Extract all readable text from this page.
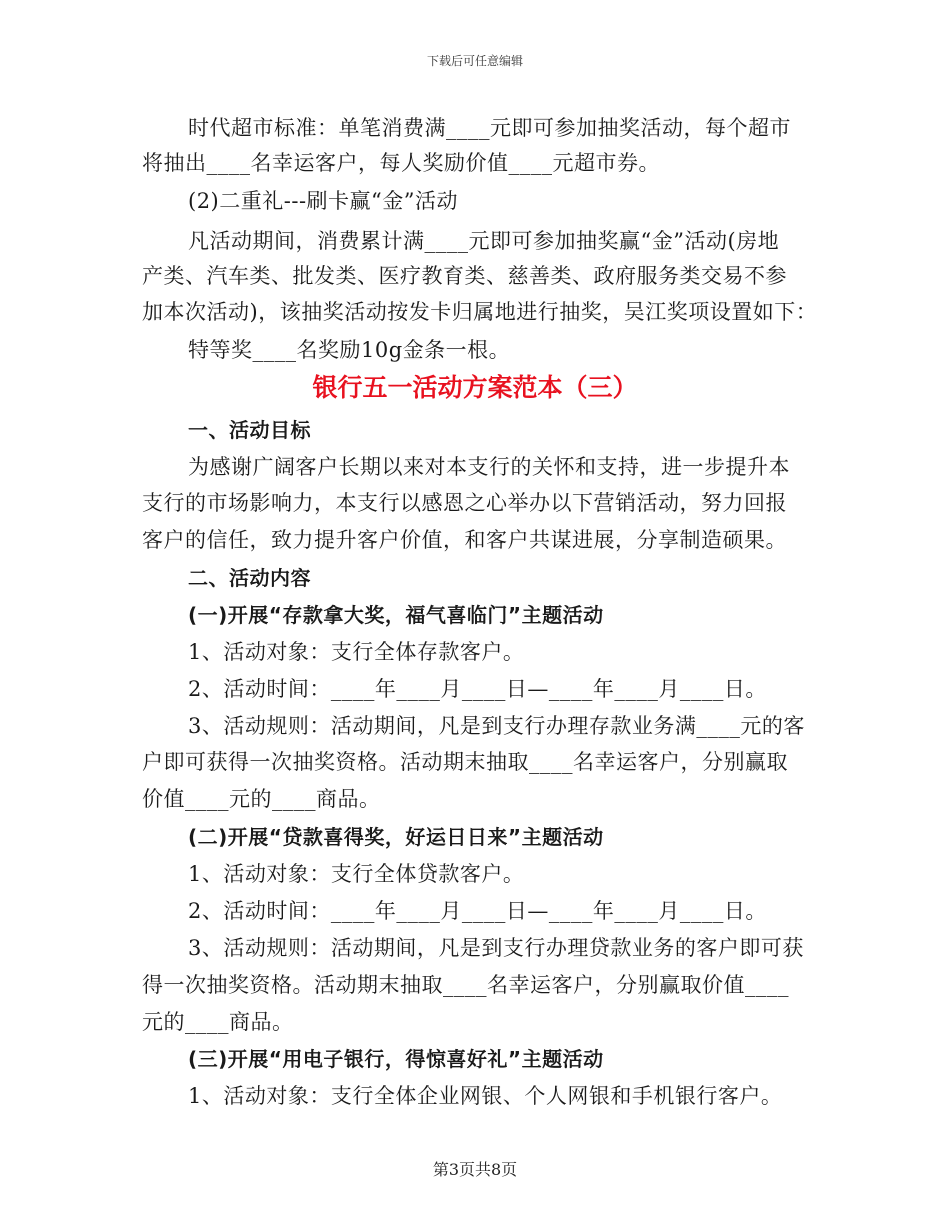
下载后可任意编辑
时代超市标准：单笔消费满____元即可参加抽奖活动，每个超市
将抽出____名幸运客户，每人奖励价值____元超市券。
(2)二重礼---刷卡赢“金”活动
凡活动期间，消费累计满____元即可参加抽奖赢“金”活动(房地
产类、汽车类、批发类、医疗教育类、慈善类、政府服务类交易不参
加本次活动)，该抽奖活动按发卡归属地进行抽奖，吴江奖项设置如下：
特等奖____名奖励10g金条一根。
银行五一活动方案范本（三）
一、活动目标
为感谢广阔客户长期以来对本支行的关怀和支持，进一步提升本
支行的市场影响力，本支行以感恩之心举办以下营销活动，努力回报
客户的信任，致力提升客户价值，和客户共谋进展，分享制造硕果。
二、活动内容
(一)开展“存款拿大奖，福气喜临门”主题活动
1、活动对象：支行全体存款客户。
2、活动时间：____年____月____日—____年____月____日。
3、活动规则：活动期间，凡是到支行办理存款业务满____元的客
户即可获得一次抽奖资格。活动期末抽取____名幸运客户，分别赢取
价值____元的____商品。
(二)开展“贷款喜得奖，好运日日来”主题活动
1、活动对象：支行全体贷款客户。
2、活动时间：____年____月____日—____年____月____日。
3、活动规则：活动期间，凡是到支行办理贷款业务的客户即可获
得一次抽奖资格。活动期末抽取____名幸运客户，分别赢取价值____
元的____商品。
(三)开展“用电子银行，得惊喜好礼”主题活动
1、活动对象：支行全体企业网银、个人网银和手机银行客户。
第3页共8页
